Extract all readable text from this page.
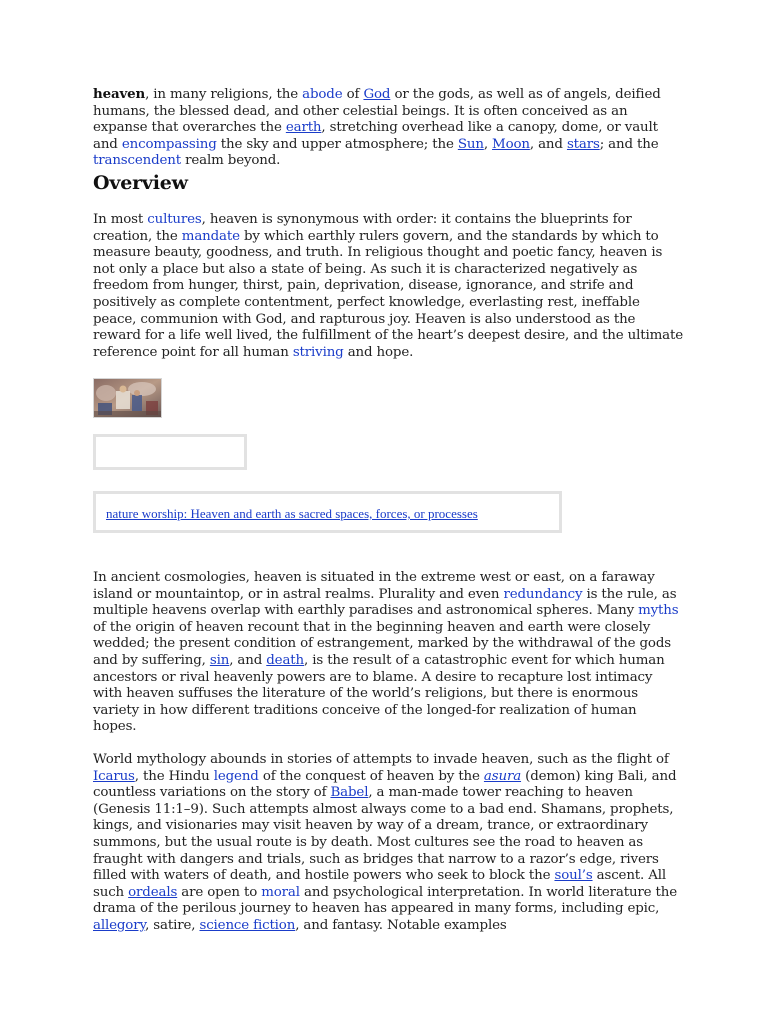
heaven, in many religions, the abode of God or the gods, as well as of angels, deified humans, the blessed dead, and other celestial beings. It is often conceived as an expanse that overarches the earth, stretching overhead like a canopy, dome, or vault and encompassing the sky and upper atmosphere; the Sun, Moon, and stars; and the transcendent realm beyond.

Overview

In most cultures, heaven is synonymous with order: it contains the blueprints for creation, the mandate by which earthly rulers govern, and the standards by which to measure beauty, goodness, and truth. In religious thought and poetic fancy, heaven is not only a place but also a state of being. As such it is characterized negatively as freedom from hunger, thirst, pain, deprivation, disease, ignorance, and strife and positively as complete contentment, perfect knowledge, everlasting rest, ineffable peace, communion with God, and rapturous joy. Heaven is also understood as the reward for a life well lived, the fulfillment of the heart’s deepest desire, and the ultimate reference point for all human striving and hope.

nature worship: Heaven and earth as sacred spaces, forces, or processes

In ancient cosmologies, heaven is situated in the extreme west or east, on a faraway island or mountaintop, or in astral realms. Plurality and even redundancy is the rule, as multiple heavens overlap with earthly paradises and astronomical spheres. Many myths of the origin of heaven recount that in the beginning heaven and earth were closely wedded; the present condition of estrangement, marked by the withdrawal of the gods and by suffering, sin, and death, is the result of a catastrophic event for which human ancestors or rival heavenly powers are to blame. A desire to recapture lost intimacy with heaven suffuses the literature of the world’s religions, but there is enormous variety in how different traditions conceive of the longed-for realization of human hopes.

World mythology abounds in stories of attempts to invade heaven, such as the flight of Icarus, the Hindu legend of the conquest of heaven by the asura (demon) king Bali, and countless variations on the story of Babel, a man-made tower reaching to heaven (Genesis 11:1–9). Such attempts almost always come to a bad end. Shamans, prophets, kings, and visionaries may visit heaven by way of a dream, trance, or extraordinary summons, but the usual route is by death. Most cultures see the road to heaven as fraught with dangers and trials, such as bridges that narrow to a razor’s edge, rivers filled with waters of death, and hostile powers who seek to block the soul’s ascent. All such ordeals are open to moral and psychological interpretation. In world literature the drama of the perilous journey to heaven has appeared in many forms, including epic, allegory, satire, science fiction, and fantasy. Notable examples
